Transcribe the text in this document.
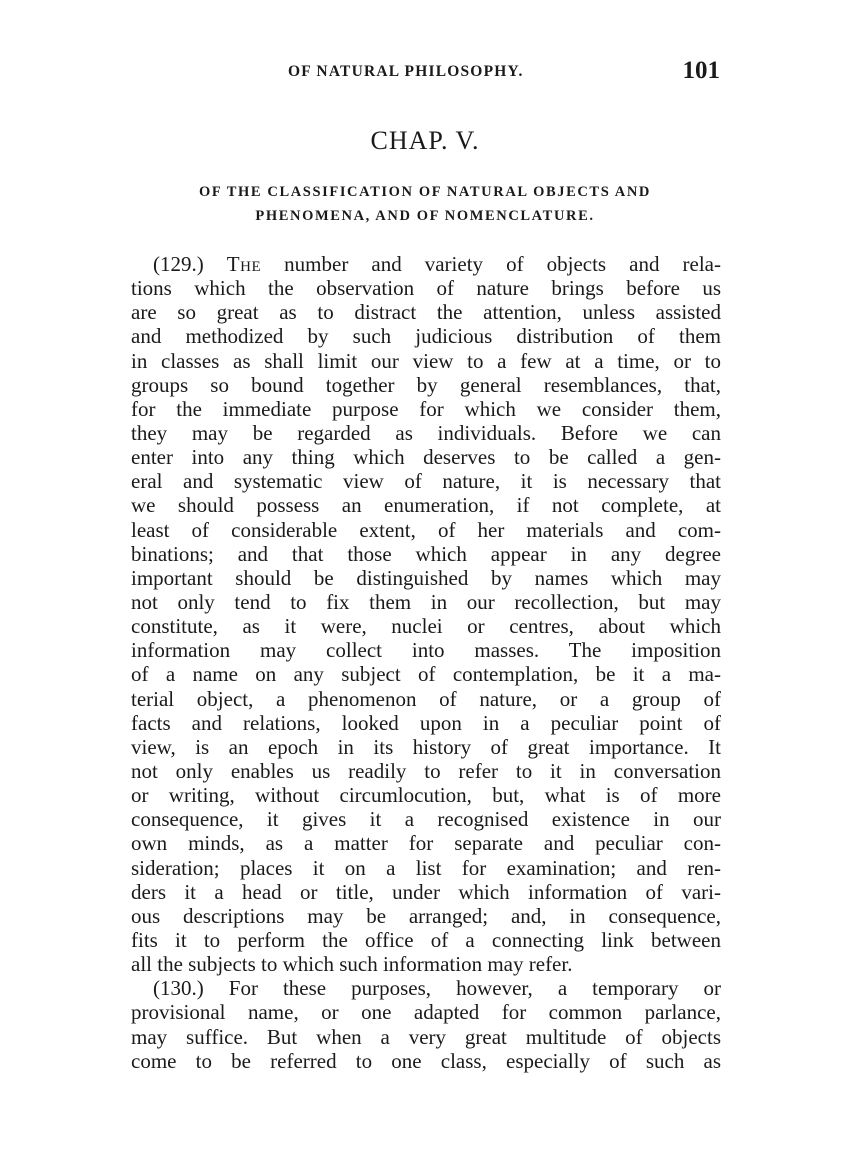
OF NATURAL PHILOSOPHY.	101
CHAP. V.
OF THE CLASSIFICATION OF NATURAL OBJECTS AND
PHENOMENA, AND OF NOMENCLATURE.
(129.) The number and variety of objects and rela-
tions which the observation of nature brings before us
are so great as to distract the attention, unless assisted
and methodized by such judicious distribution of them
in classes as shall limit our view to a few at a time, or to
groups so bound together by general resemblances, that,
for the immediate purpose for which we consider them,
they may be regarded as individuals. Before we can
enter into any thing which deserves to be called a gen-
eral and systematic view of nature, it is necessary that
we should possess an enumeration, if not complete, at
least of considerable extent, of her materials and com-
binations; and that those which appear in any degree
important should be distinguished by names which may
not only tend to fix them in our recollection, but may
constitute, as it were, nuclei or centres, about which
information may collect into masses. The imposition
of a name on any subject of contemplation, be it a ma-
terial object, a phenomenon of nature, or a group of
facts and relations, looked upon in a peculiar point of
view, is an epoch in its history of great importance. It
not only enables us readily to refer to it in conversation
or writing, without circumlocution, but, what is of more
consequence, it gives it a recognised existence in our
own minds, as a matter for separate and peculiar con-
sideration; places it on a list for examination; and ren-
ders it a head or title, under which information of vari-
ous descriptions may be arranged; and, in consequence,
fits it to perform the office of a connecting link between
all the subjects to which such information may refer.
(130.) For these purposes, however, a temporary or
provisional name, or one adapted for common parlance,
may suffice. But when a very great multitude of objects
come to be referred to one class, especially of such as
